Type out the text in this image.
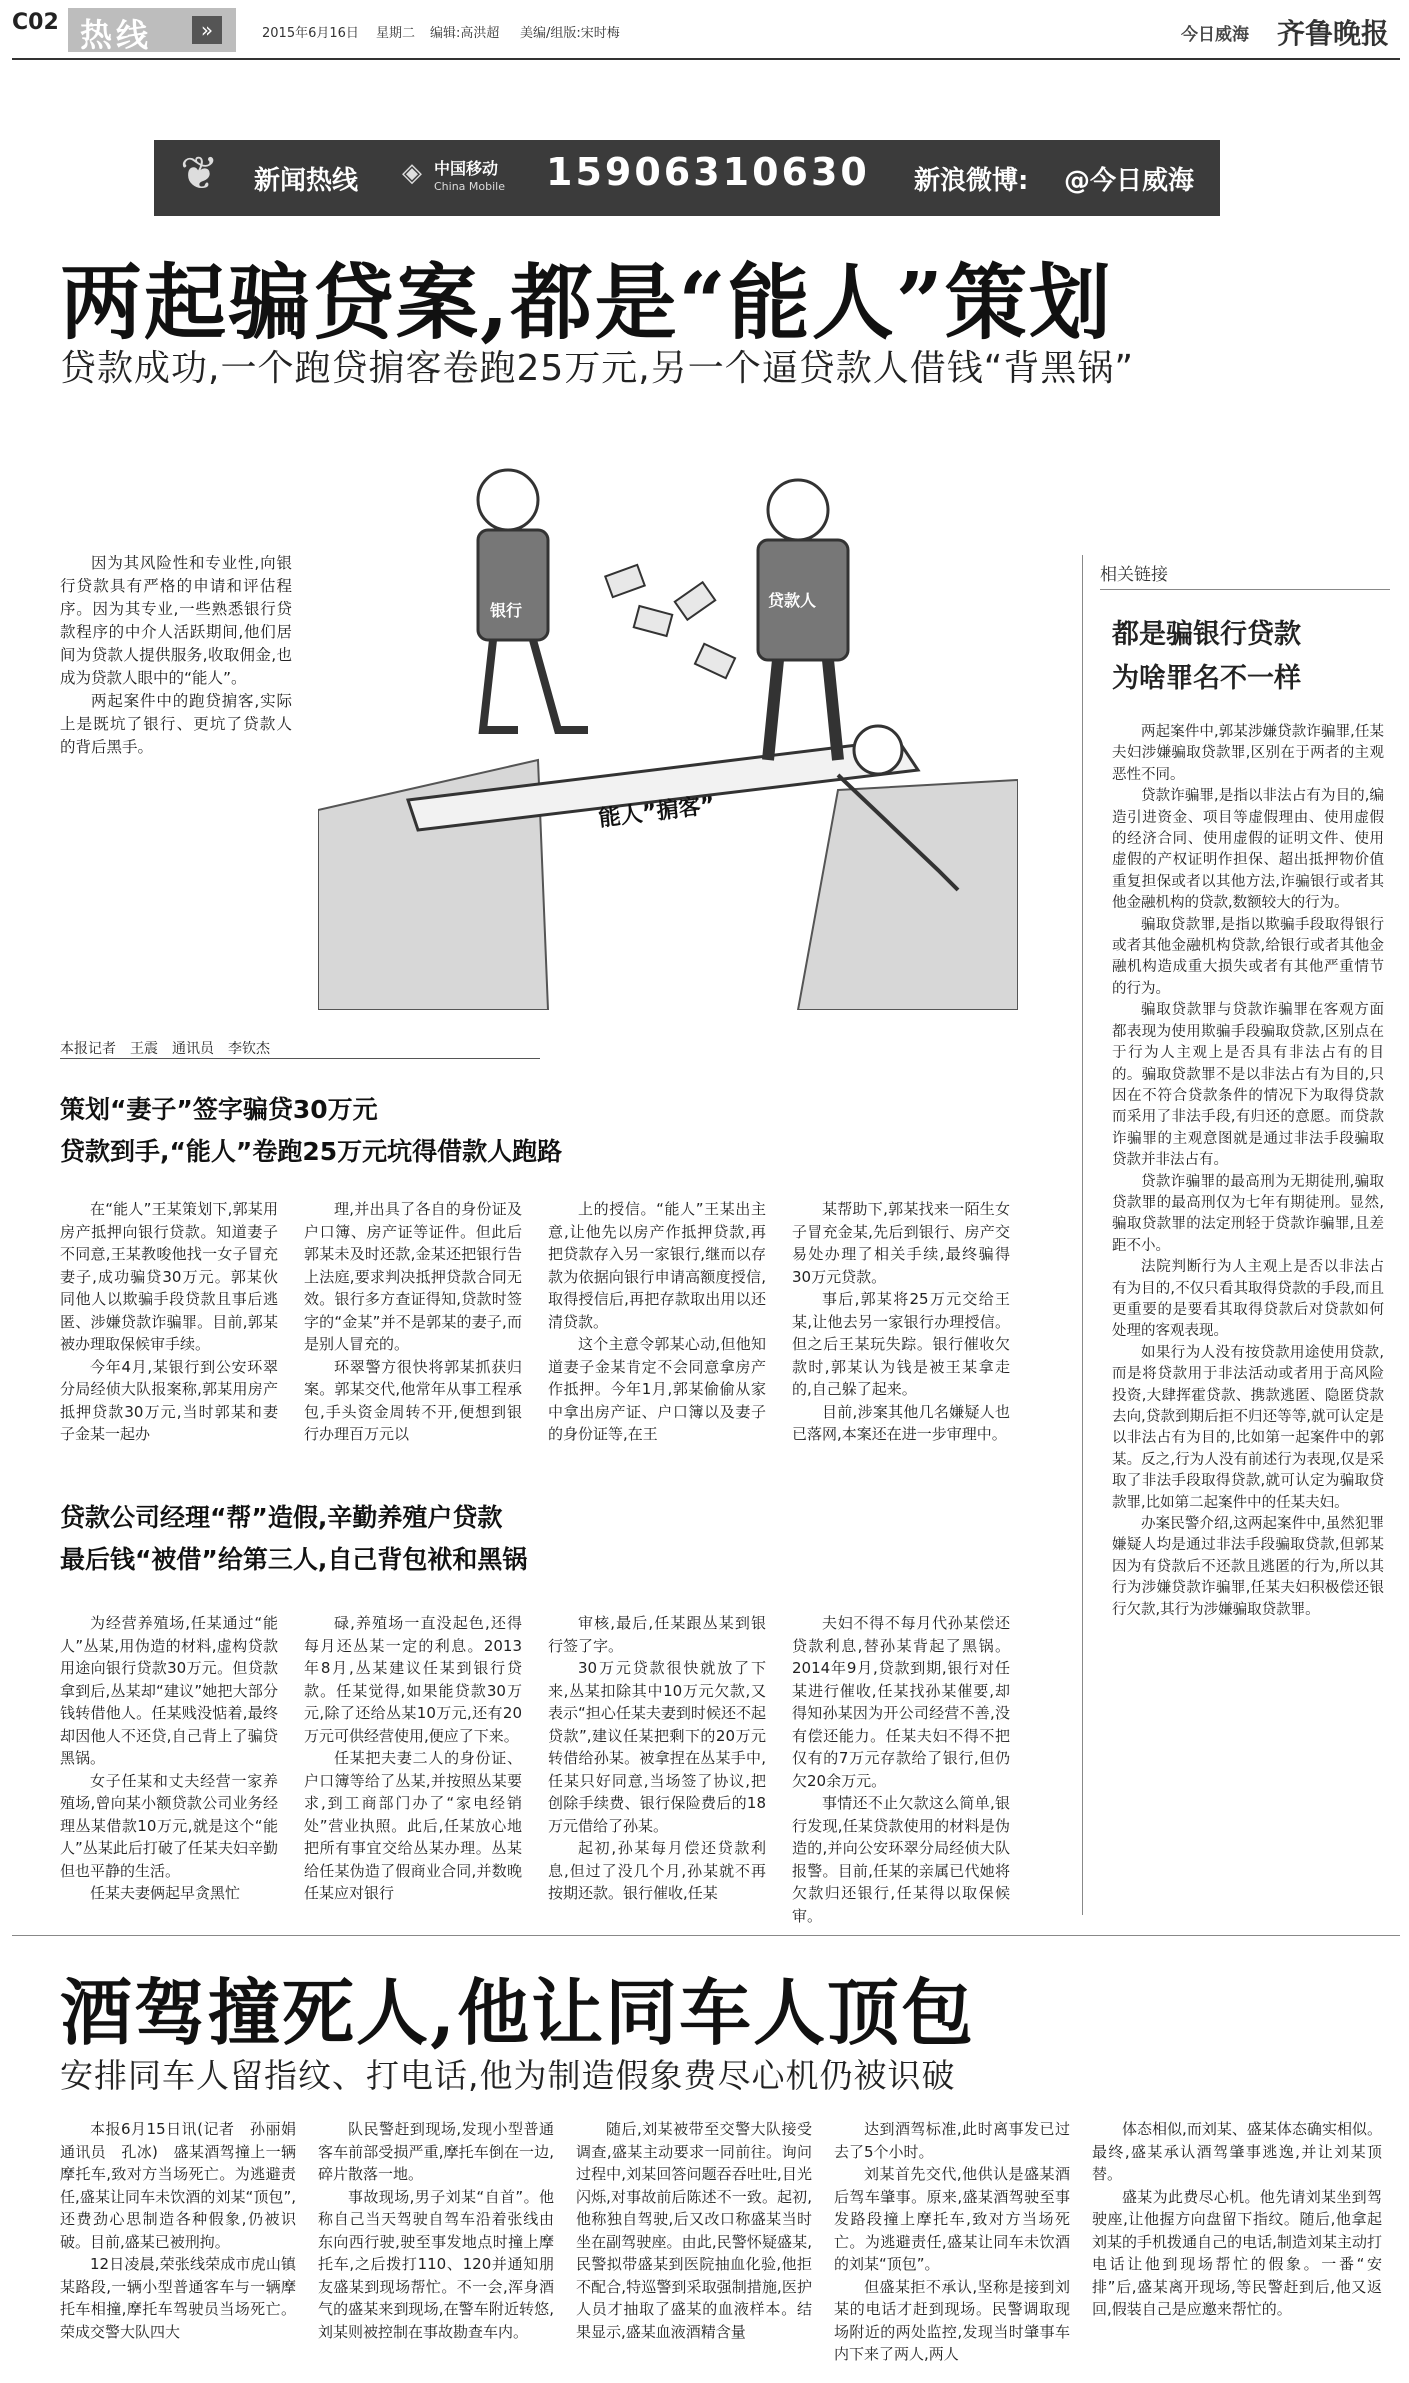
C02 热线	»	2015年6月16日 星期二 编辑:高洪超 美编/组版:宋时梅	今日威海 齐鲁晚报
❦ 新闻热线 ◈ 中国移动
China Mobile 15906310630 新浪微博: @今日威海
两起骗贷案,都是“能人”策划
贷款成功,一个跑贷掮客卷跑25万元,另一个逼贷款人借钱“背黑锅”

因为其风险性和专业性,向银行贷款具有严格的申请和评估程序。因为其专业,一些熟悉银行贷款程序的中介人活跃期间,他们居间为贷款人提供服务,收取佣金,也成为贷款人眼中的“能人”。

两起案件中的跑贷掮客,实际上是既坑了银行、更坑了贷款人的背后黑手。

银行
贷款人
能人”掮客”
本报记者　王震　通讯员　李钦杰
策划“妻子”签字骗贷30万元
贷款到手,“能人”卷跑25万元坑得借款人跑路

在“能人”王某策划下,郭某用房产抵押向银行贷款。知道妻子不同意,王某教唆他找一女子冒充妻子,成功骗贷30万元。郭某伙同他人以欺骗手段贷款且事后逃匿、涉嫌贷款诈骗罪。目前,郭某被办理取保候审手续。

今年4月,某银行到公安环翠分局经侦大队报案称,郭某用房产抵押贷款30万元,当时郭某和妻子金某一起办

理,并出具了各自的身份证及户口簿、房产证等证件。但此后郭某未及时还款,金某还把银行告上法庭,要求判决抵押贷款合同无效。银行多方查证得知,贷款时签字的“金某”并不是郭某的妻子,而是别人冒充的。

环翠警方很快将郭某抓获归案。郭某交代,他常年从事工程承包,手头资金周转不开,便想到银行办理百万元以

上的授信。“能人”王某出主意,让他先以房产作抵押贷款,再把贷款存入另一家银行,继而以存款为依据向银行申请高额度授信,取得授信后,再把存款取出用以还清贷款。

这个主意令郭某心动,但他知道妻子金某肯定不会同意拿房产作抵押。今年1月,郭某偷偷从家中拿出房产证、户口簿以及妻子的身份证等,在王

某帮助下,郭某找来一陌生女子冒充金某,先后到银行、房产交易处办理了相关手续,最终骗得30万元贷款。

事后,郭某将25万元交给王某,让他去另一家银行办理授信。但之后王某玩失踪。银行催收欠款时,郭某认为钱是被王某拿走的,自己躲了起来。

目前,涉案其他几名嫌疑人也已落网,本案还在进一步审理中。

贷款公司经理“帮”造假,辛勤养殖户贷款
最后钱“被借”给第三人,自己背包袱和黑锅

为经营养殖场,任某通过“能人”丛某,用伪造的材料,虚构贷款用途向银行贷款30万元。但贷款拿到后,丛某却“建议”她把大部分钱转借他人。任某贱没惦着,最终却因他人不还贷,自己背上了骗贷黑锅。

女子任某和丈夫经营一家养殖场,曾向某小额贷款公司业务经理丛某借款10万元,就是这个“能人”丛某此后打破了任某夫妇辛勤但也平静的生活。

任某夫妻俩起早贪黑忙

碌,养殖场一直没起色,还得每月还丛某一定的利息。2013年8月,丛某建议任某到银行贷款。任某觉得,如果能贷款30万元,除了还给丛某10万元,还有20万元可供经营使用,便应了下来。

任某把夫妻二人的身份证、户口簿等给了丛某,并按照丛某要求,到工商部门办了“家电经销处”营业执照。此后,任某放心地把所有事宜交给丛某办理。丛某给任某伪造了假商业合同,并数晚任某应对银行

审核,最后,任某跟丛某到银行签了字。

30万元贷款很快就放了下来,丛某扣除其中10万元欠款,又表示“担心任某夫妻到时候还不起贷款”,建议任某把剩下的20万元转借给孙某。被拿捏在丛某手中,任某只好同意,当场签了协议,把创除手续费、银行保险费后的18万元借给了孙某。

起初,孙某每月偿还贷款利息,但过了没几个月,孙某就不再按期还款。银行催收,任某

夫妇不得不每月代孙某偿还贷款利息,替孙某背起了黑锅。2014年9月,贷款到期,银行对任某进行催收,任某找孙某催要,却得知孙某因为开公司经营不善,没有偿还能力。任某夫妇不得不把仅有的7万元存款给了银行,但仍欠20余万元。

事情还不止欠款这么简单,银行发现,任某贷款使用的材料是伪造的,并向公安环翠分局经侦大队报警。目前,任某的亲属已代她将欠款归还银行,任某得以取保候审。

相关链接
都是骗银行贷款
为啥罪名不一样

两起案件中,郭某涉嫌贷款诈骗罪,任某夫妇涉嫌骗取贷款罪,区别在于两者的主观恶性不同。

贷款诈骗罪,是指以非法占有为目的,编造引进资金、项目等虚假理由、使用虚假的经济合同、使用虚假的证明文件、使用虚假的产权证明作担保、超出抵押物价值重复担保或者以其他方法,诈骗银行或者其他金融机构的贷款,数额较大的行为。

骗取贷款罪,是指以欺骗手段取得银行或者其他金融机构贷款,给银行或者其他金融机构造成重大损失或者有其他严重情节的行为。

骗取贷款罪与贷款诈骗罪在客观方面都表现为使用欺骗手段骗取贷款,区别点在于行为人主观上是否具有非法占有的目的。骗取贷款罪不是以非法占有为目的,只因在不符合贷款条件的情况下为取得贷款而采用了非法手段,有归还的意愿。而贷款诈骗罪的主观意图就是通过非法手段骗取贷款并非法占有。

贷款诈骗罪的最高刑为无期徒刑,骗取贷款罪的最高刑仅为七年有期徒刑。显然,骗取贷款罪的法定刑轻于贷款诈骗罪,且差距不小。

法院判断行为人主观上是否以非法占有为目的,不仅只看其取得贷款的手段,而且更重要的是要看其取得贷款后对贷款如何处理的客观表现。

如果行为人没有按贷款用途使用贷款,而是将贷款用于非法活动或者用于高风险投资,大肆挥霍贷款、携款逃匿、隐匿贷款去向,贷款到期后拒不归还等等,就可认定是以非法占有为目的,比如第一起案件中的郭某。反之,行为人没有前述行为表现,仅是采取了非法手段取得贷款,就可认定为骗取贷款罪,比如第二起案件中的任某夫妇。

办案民警介绍,这两起案件中,虽然犯罪嫌疑人均是通过非法手段骗取贷款,但郭某因为有贷款后不还款且逃匿的行为,所以其行为涉嫌贷款诈骗罪,任某夫妇积极偿还银行欠款,其行为涉嫌骗取贷款罪。

酒驾撞死人,他让同车人顶包
安排同车人留指纹、打电话,他为制造假象费尽心机仍被识破

本报6月15日讯(记者　孙丽娟　通讯员　孔冰)　盛某酒驾撞上一辆摩托车,致对方当场死亡。为逃避责任,盛某让同车未饮酒的刘某“顶包”,还费劲心思制造各种假象,仍被识破。目前,盛某已被刑拘。

12日凌晨,荣张线荣成市虎山镇某路段,一辆小型普通客车与一辆摩托车相撞,摩托车驾驶员当场死亡。荣成交警大队四大

队民警赶到现场,发现小型普通客车前部受损严重,摩托车倒在一边,碎片散落一地。

事故现场,男子刘某“自首”。他称自己当天驾驶自驾车沿着张线由东向西行驶,驶至事发地点时撞上摩托车,之后拨打110、120并通知朋友盛某到现场帮忙。不一会,浑身酒气的盛某来到现场,在警车附近转悠,刘某则被控制在事故勘查车内。

随后,刘某被带至交警大队接受调查,盛某主动要求一同前往。询问过程中,刘某回答问题吞吞吐吐,目光闪烁,对事故前后陈述不一致。起初,他称独自驾驶,后又改口称盛某当时坐在副驾驶座。由此,民警怀疑盛某,民警拟带盛某到医院抽血化验,他拒不配合,特巡警到采取强制措施,医护人员才抽取了盛某的血液样本。结果显示,盛某血液酒精含量

达到酒驾标准,此时离事发已过去了5个小时。

刘某首先交代,他供认是盛某酒后驾车肇事。原来,盛某酒驾驶至事发路段撞上摩托车,致对方当场死亡。为逃避责任,盛某让同车未饮酒的刘某“顶包”。

但盛某拒不承认,坚称是接到刘某的电话才赶到现场。民警调取现场附近的两处监控,发现当时肇事车内下来了两人,两人

体态相似,而刘某、盛某体态确实相似。最终,盛某承认酒驾肇事逃逸,并让刘某顶替。

盛某为此费尽心机。他先请刘某坐到驾驶座,让他握方向盘留下指纹。随后,他拿起刘某的手机拨通自己的电话,制造刘某主动打电话让他到现场帮忙的假象。一番“安排”后,盛某离开现场,等民警赶到后,他又返回,假装自己是应邀来帮忙的。
